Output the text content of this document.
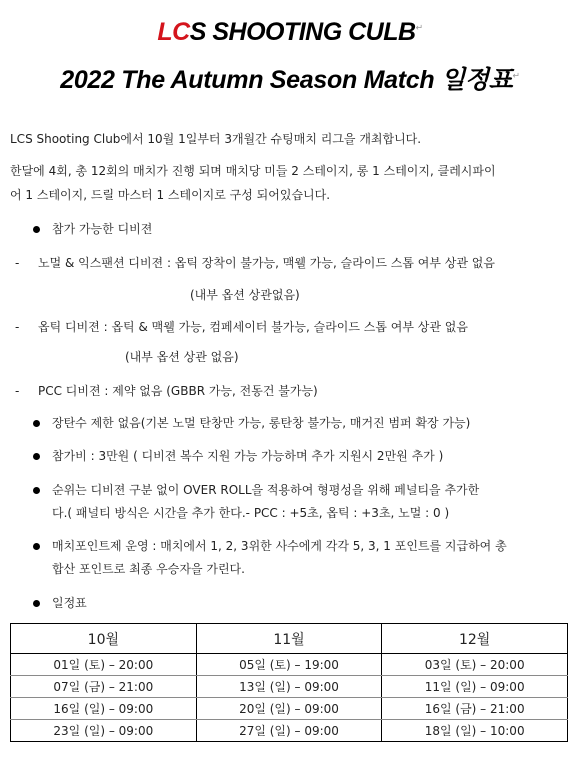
LCS SHOOTING CULB↵
2022 The Autumn Season Match 일정표↵
LCS Shooting Club에서 10월 1일부터 3개월간 슈팅매치 리그을 개최합니다.
한달에 4회, 총 12회의 매치가 진행 되며 매치당 미들 2 스테이지, 롱 1 스테이지, 클레시파이
어 1 스테이지, 드릴 마스터 1 스테이지로 구성 되어있습니다.
참가 가능한 디비젼
- 노멀 & 익스팬션 디비젼 : 옵틱 장착이 불가능, 맥웰 가능, 슬라이드 스톱 여부 상관 없음
(내부 옵션 상관없음)
- 옵틱 디비젼 : 옵틱 & 맥웰 가능, 컴페세이터 불가능, 슬라이드 스톱 여부 상관 없음
(내부 옵션 상관 없음)
- PCC 디비젼 : 제약 없음 (GBBR 가능, 전동건 불가능)
장탄수 제한 없음(기본 노멀 탄창만 가능, 롱탄창 불가능, 매거진 범퍼 확장 가능)
참가비 : 3만원 ( 디비젼 복수 지원 가능 가능하며 추가 지원시 2만원 추가 )
순위는 디비젼 구분 없이 OVER ROLL을 적용하여 형평성을 위해 페널티을 추가한
다.( 패널티 방식은 시간을 추가 한다.- PCC : +5초, 옵틱 : +3초, 노멀 : 0 )
매치포인트제 운영 : 매치에서 1, 2, 3위한 사수에게 각각 5, 3, 1 포인트를 지급하여 총
합산 포인트로 최종 우승자을 가린다.
일정표
10월	11월	12월
01일 (토) – 20:00	05일 (토) – 19:00	03일 (토) – 20:00
07일 (금) – 21:00	13일 (일) – 09:00	11일 (일) – 09:00
16일 (일) – 09:00	20일 (일) – 09:00	16일 (금) – 21:00
23일 (일) – 09:00	27일 (일) – 09:00	18일 (일) – 10:00
